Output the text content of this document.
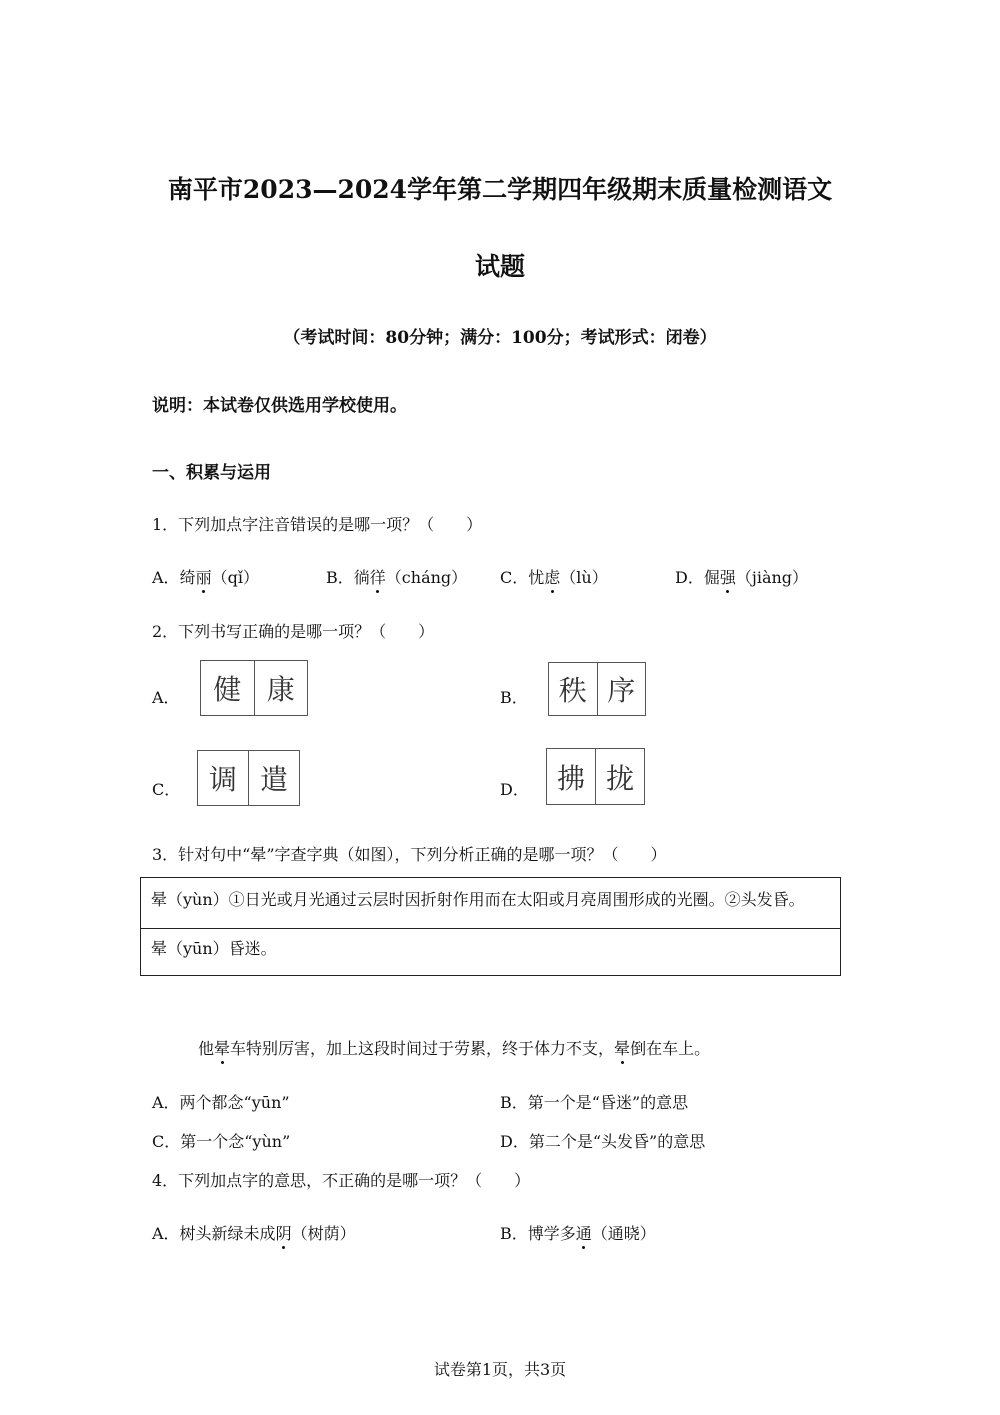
南平市2023—2024学年第二学期四年级期末质量检测语文
试题
（考试时间：80分钟；满分：100分；考试形式：闭卷）
说明：本试卷仅供选用学校使用。
一、积累与运用
1．下列加点字注音错误的是哪一项？（　　）
A．绮丽（qǐ）	B．徜徉（cháng） C．忧虑（lù）	D．倔强（jiàng）
2．下列书写正确的是哪一项？（　　）
A．	健 康	B．	秩 序
C．	调 遣	D．	拂 拢
3．针对句中“晕”字查字典（如图），下列分析正确的是哪一项？（　　）
晕（yùn）①日光或月光通过云层时因折射作用而在太阳或月亮周围形成的光圈。②头发昏。
晕（yūn）昏迷。
他晕车特别厉害，加上这段时间过于劳累，终于体力不支，晕倒在车上。
A．两个都念“yūn”	B．第一个是“昏迷”的意思
C．第一个念“yùn”	D．第二个是“头发昏”的意思
4．下列加点字的意思，不正确的是哪一项？（　　）
A．树头新绿未成阴（树荫）	B．博学多通（通晓）
试卷第1页，共3页
